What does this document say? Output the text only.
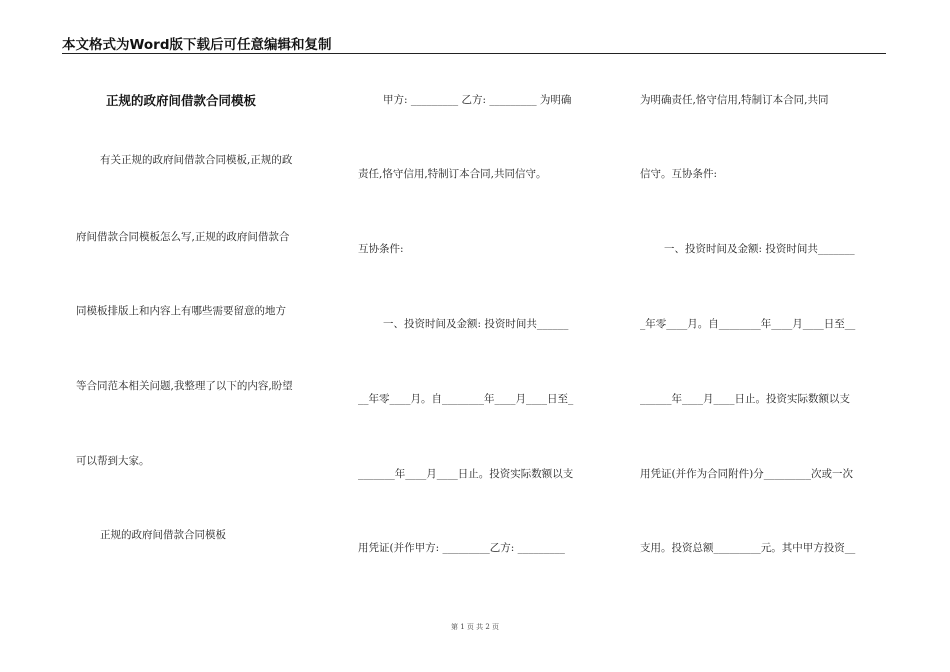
本文格式为Word版下载后可任意编辑和复制
正规的政府间借款合同模板
有关正规的政府间借款合同模板,正规的政
府间借款合同模板怎么写,正规的政府间借款合
同模板排版上和内容上有哪些需要留意的地方
等合同范本相关问题,我整理了以下的内容,盼望
可以帮到大家。
正规的政府间借款合同模板
甲方: _________ 乙方: _________ 为明确
责任,恪守信用,特制订本合同,共同信守。
互协条件:
一、投资时间及金额: 投资时间共______
__年零____月。自________年____月____日至_
_______年____月____日止。投资实际数额以支
用凭证(并作甲方: _________乙方: _________
为明确责任,恪守信用,特制订本合同,共同
信守。互协条件:
一、投资时间及金额: 投资时间共_______
_年零____月。自________年____月____日至__
______年____月____日止。投资实际数额以支
用凭证(并作为合同附件)分_________次或一次
支用。投资总额_________元。其中甲方投资__
第 1 页 共 2 页
